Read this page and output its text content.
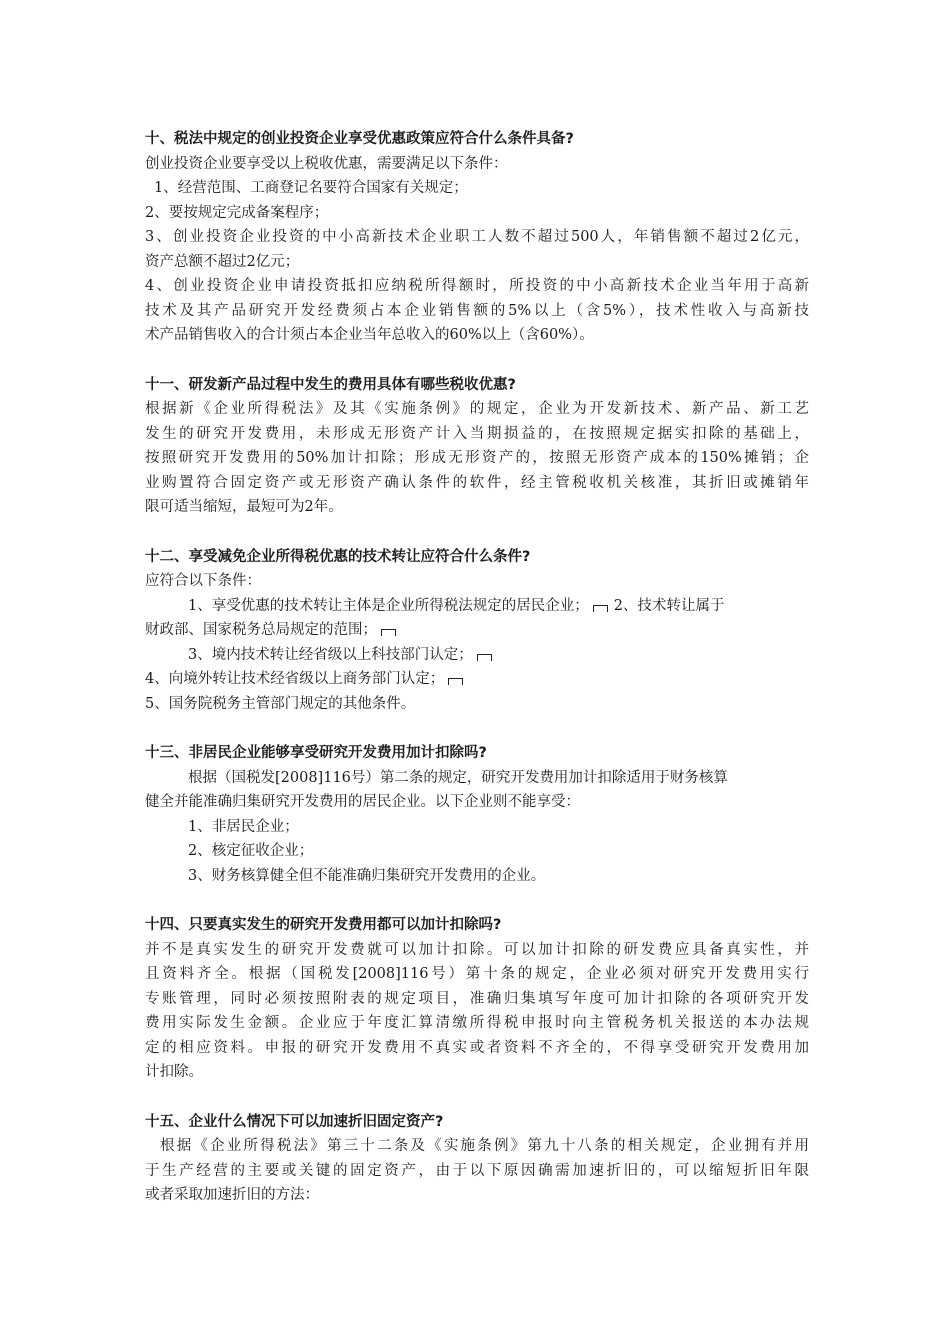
十、税法中规定的创业投资企业享受优惠政策应符合什么条件具备?
创业投资企业要享受以上税收优惠，需要满足以下条件：
1、经营范围、工商登记名要符合国家有关规定；
2、要按规定完成备案程序；
3、创业投资企业投资的中小高新技术企业职工人数不超过500人，年销售额不超过2亿元，
资产总额不超过2亿元；
4、创业投资企业申请投资抵扣应纳税所得额时，所投资的中小高新技术企业当年用于高新
技术及其产品研究开发经费须占本企业销售额的5%以上（含5%），技术性收入与高新技
术产品销售收入的合计须占本企业当年总收入的60%以上（含60%）。
十一、研发新产品过程中发生的费用具体有哪些税收优惠?
根据新《企业所得税法》及其《实施条例》的规定，企业为开发新技术、新产品、新工艺
发生的研究开发费用，未形成无形资产计入当期损益的，在按照规定据实扣除的基础上，
按照研究开发费用的50%加计扣除；形成无形资产的，按照无形资产成本的150%摊销；企
业购置符合固定资产或无形资产确认条件的软件，经主管税收机关核准，其折旧或摊销年
限可适当缩短，最短可为2年。
十二、享受减免企业所得税优惠的技术转让应符合什么条件?
应符合以下条件：
1、享受优惠的技术转让主体是企业所得税法规定的居民企业； 2、技术转让属于
财政部、国家税务总局规定的范围；
3、境内技术转让经省级以上科技部门认定；
4、向境外转让技术经省级以上商务部门认定；
5、国务院税务主管部门规定的其他条件。
十三、非居民企业能够享受研究开发费用加计扣除吗?
根据（国税发[2008]116号）第二条的规定，研究开发费用加计扣除适用于财务核算
健全并能准确归集研究开发费用的居民企业。以下企业则不能享受：
1、非居民企业；
2、核定征收企业；
3、财务核算健全但不能准确归集研究开发费用的企业。
十四、只要真实发生的研究开发费用都可以加计扣除吗?
并不是真实发生的研究开发费就可以加计扣除。可以加计扣除的研发费应具备真实性，并
且资料齐全。根据（国税发[2008]116号）第十条的规定，企业必须对研究开发费用实行
专账管理，同时必须按照附表的规定项目，准确归集填写年度可加计扣除的各项研究开发
费用实际发生金额。企业应于年度汇算清缴所得税申报时向主管税务机关报送的本办法规
定的相应资料。申报的研究开发费用不真实或者资料不齐全的，不得享受研究开发费用加
计扣除。
十五、企业什么情况下可以加速折旧固定资产?
根据《企业所得税法》第三十二条及《实施条例》第九十八条的相关规定，企业拥有并用
于生产经营的主要或关键的固定资产，由于以下原因确需加速折旧的，可以缩短折旧年限
或者采取加速折旧的方法：
